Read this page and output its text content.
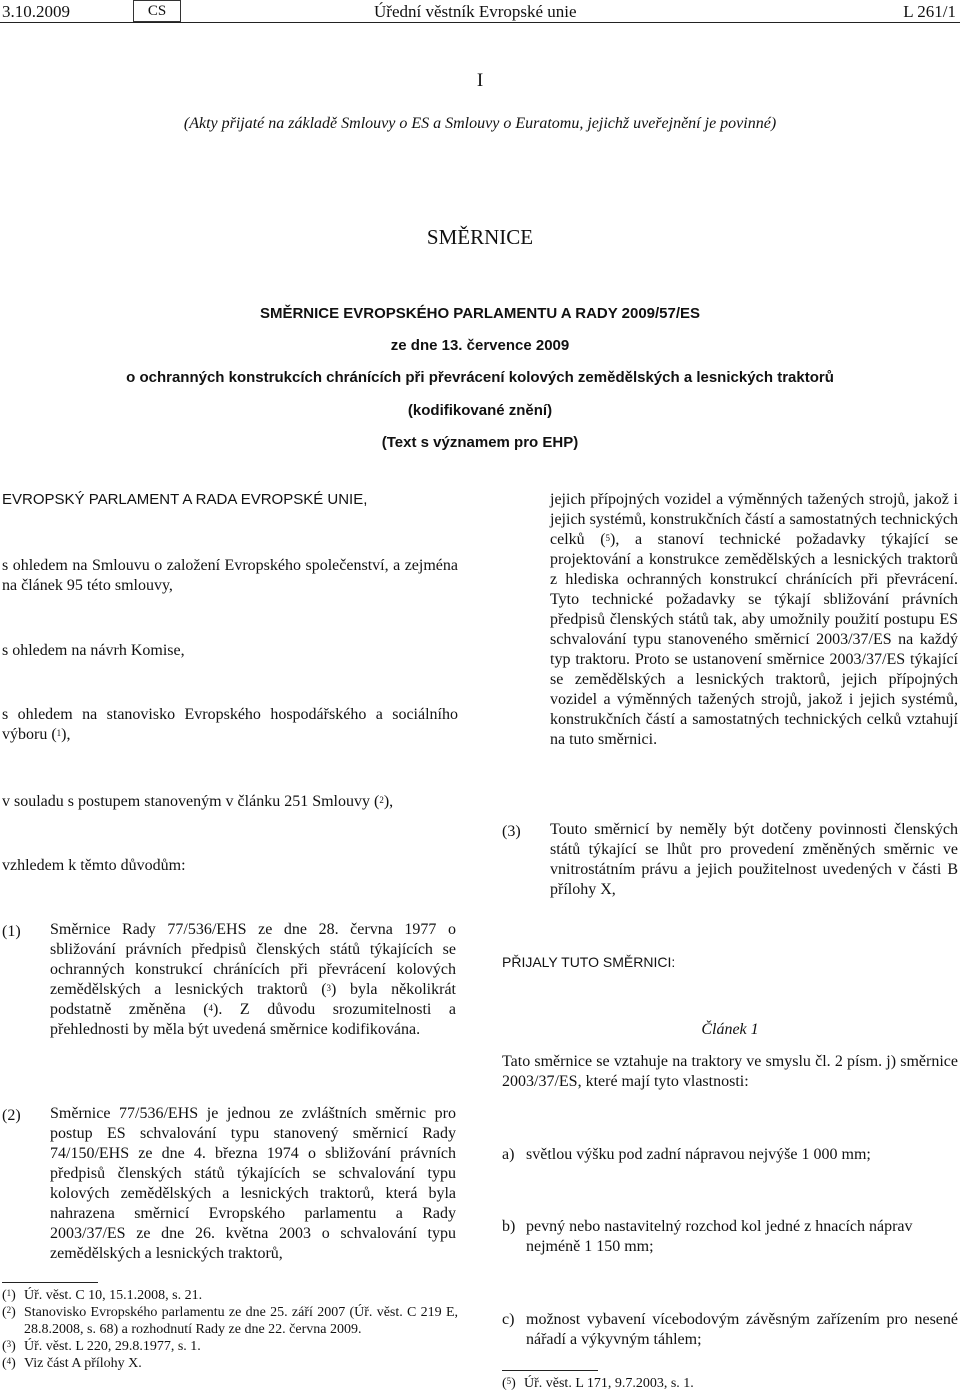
3.10.2009	CS	Úřední věstník Evropské unie	L 261/1
I
(Akty přijaté na základě Smlouvy o ES a Smlouvy o Euratomu, jejichž uveřejnění je povinné)
SMĚRNICE
SMĚRNICE EVROPSKÉHO PARLAMENTU A RADY 2009/57/ES
ze dne 13. července 2009
o ochranných konstrukcích chránících při převrácení kolových zemědělských a lesnických traktorů
(kodifikované znění)
(Text s významem pro EHP)
EVROPSKÝ PARLAMENT A RADA EVROPSKÉ UNIE,
s ohledem na Smlouvu o založení Evropského společenství, a zejména na článek 95 této smlouvy,
s ohledem na návrh Komise,
s ohledem na stanovisko Evropského hospodářského a sociálního výboru ($^1$),
v souladu s postupem stanoveným v článku 251 Smlouvy ($^2$),
vzhledem k těmto důvodům:
(1) Směrnice Rady 77/536/EHS ze dne 28. června 1977 o sbližování právních předpisů členských států týkajících se ochranných konstrukcí chránících při převrácení kolových zemědělských a lesnických traktorů ($^3$) byla několikrát podstatně změněna ($^4$). Z důvodu srozumitelnosti a přehlednosti by měla být uvedená směrnice kodifikována.
(2) Směrnice 77/536/EHS je jednou ze zvláštních směrnic pro postup ES schvalování typu stanovený směrnicí Rady 74/150/EHS ze dne 4. března 1974 o sbližování právních předpisů členských států týkajících se schvalování typu kolových zemědělských a lesnických traktorů, která byla nahrazena směrnicí Evropského parlamentu a Rady 2003/37/ES ze dne 26. května 2003 o schvalování typu zemědělských a lesnických traktorů,
($^1$) Úř. věst. C 10, 15.1.2008, s. 21.
($^2$) Stanovisko Evropského parlamentu ze dne 25. září 2007 (Úř. věst. C 219 E, 28.8.2008, s. 68) a rozhodnutí Rady ze dne 22. června 2009.
($^3$) Úř. věst. L 220, 29.8.1977, s. 1.
($^4$) Viz část A přílohy X.
jejich přípojných vozidel a výměnných tažených strojů, jakož i jejich systémů, konstrukčních částí a samostatných technických celků ($^5$), a stanoví technické požadavky týkající se projektování a konstrukce zemědělských a lesnických traktorů z hlediska ochranných konstrukcí chránících při převrácení. Tyto technické požadavky se týkají sbližování právních předpisů členských států tak, aby umožnily použití postupu ES schvalování typu stanoveného směrnicí 2003/37/ES na každý typ traktoru. Proto se ustanovení směrnice 2003/37/ES týkající se zemědělských a lesnických traktorů, jejich přípojných vozidel a výměnných tažených strojů, jakož i jejich systémů, konstrukčních částí a samostatných technických celků vztahují na tuto směrnici.
(3) Touto směrnicí by neměly být dotčeny povinnosti členských států týkající se lhůt pro provedení změněných směrnic ve vnitrostátním právu a jejich použitelnost uvedených v části B přílohy X,
PŘIJALY TUTO SMĚRNICI:
Článek 1
Tato směrnice se vztahuje na traktory ve smyslu čl. 2 písm. j) směrnice 2003/37/ES, které mají tyto vlastnosti:
a) světlou výšku pod zadní nápravou nejvýše 1 000 mm;
b) pevný nebo nastavitelný rozchod kol jedné z hnacích náprav nejméně 1 150 mm;
c) možnost vybavení vícebodovým závěsným zařízením pro nesené nářadí a výkyvným táhlem;
($^5$) Úř. věst. L 171, 9.7.2003, s. 1.
